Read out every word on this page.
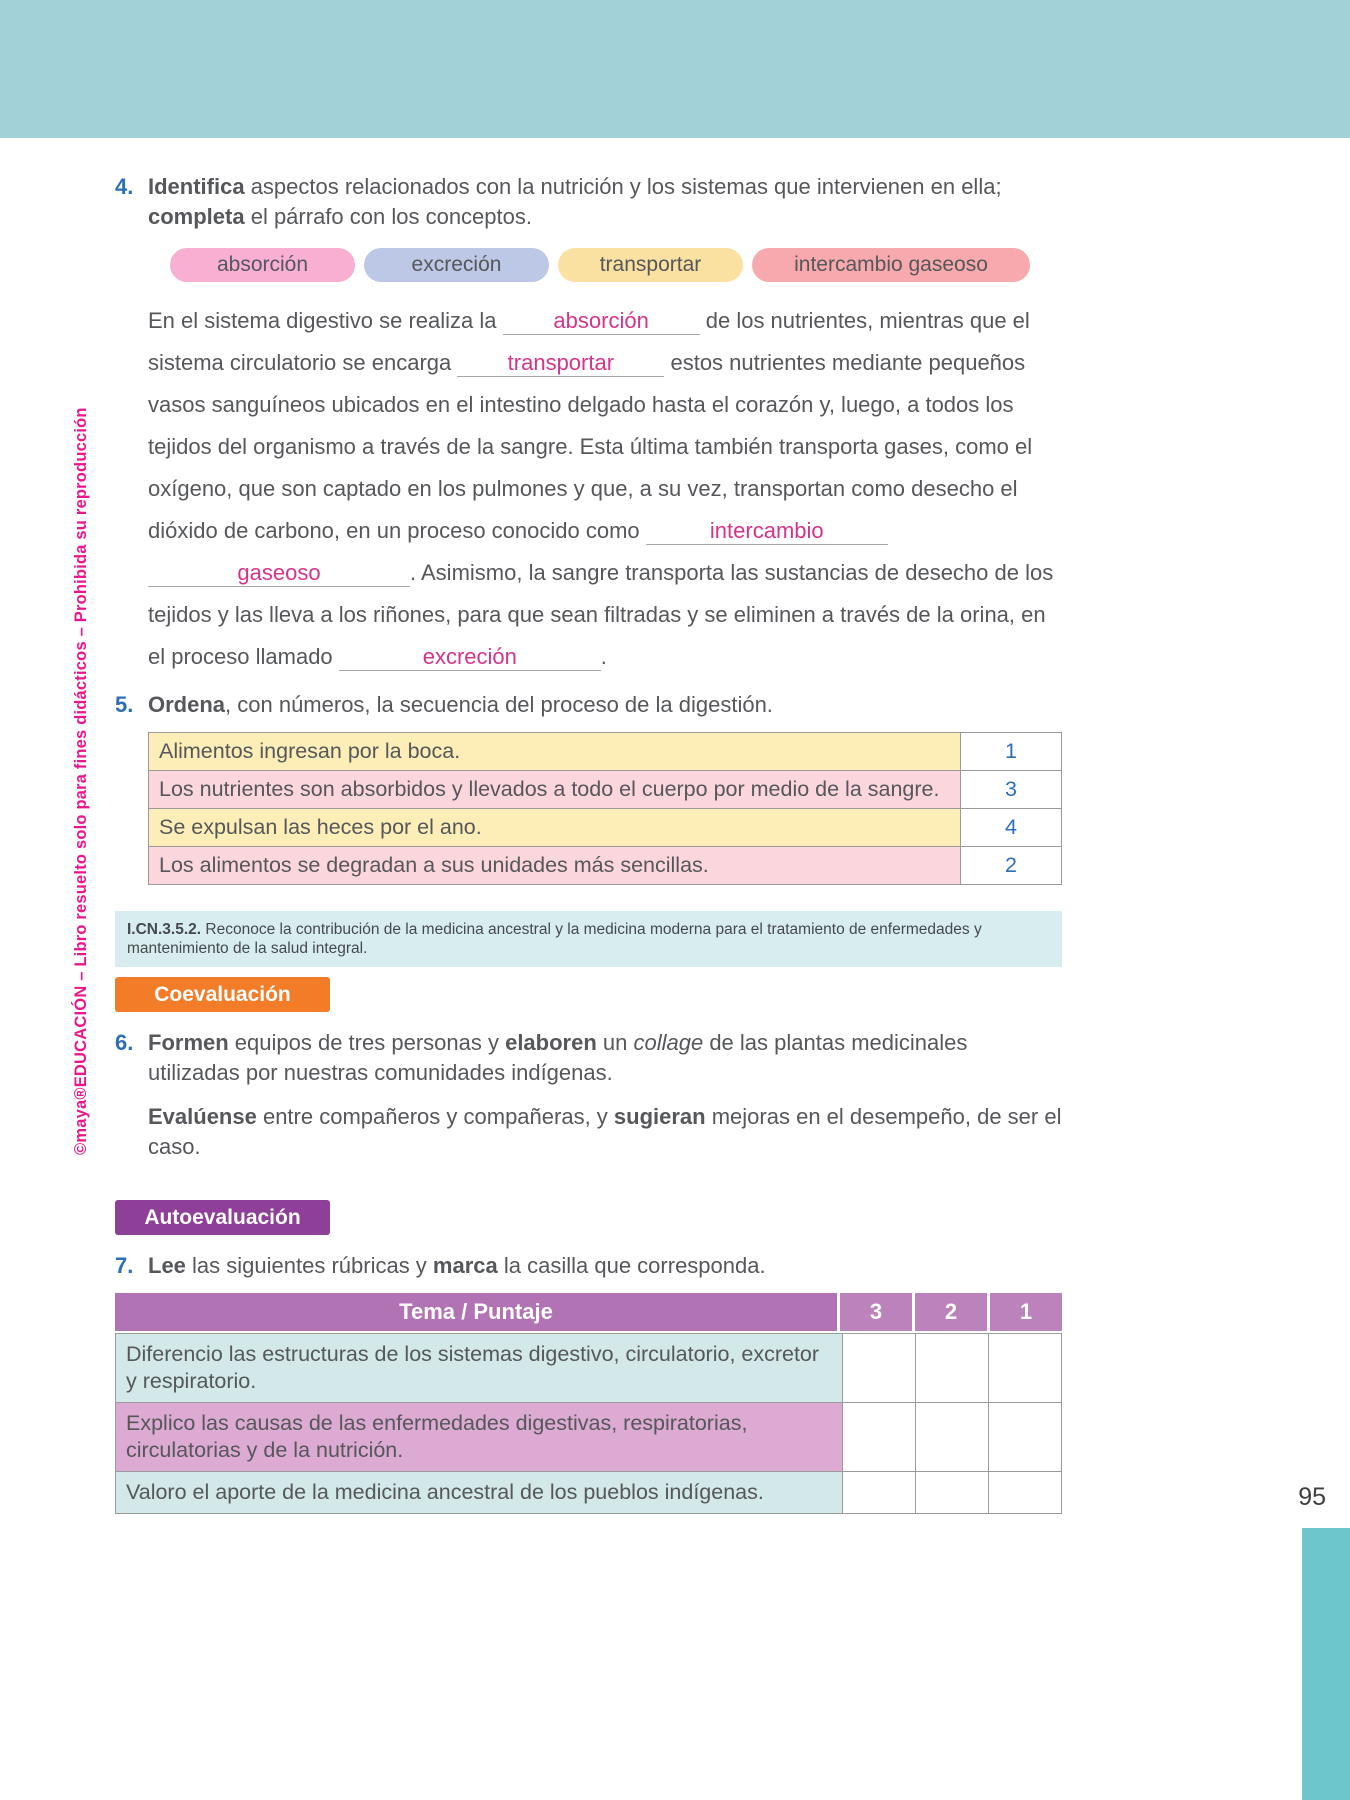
©maya®EDUCACIÓN – Libro resuelto solo para fines didácticos – Prohibida su reproducción
4. Identifica aspectos relacionados con la nutrición y los sistemas que intervienen en ella; completa el párrafo con los conceptos.
absorción	excreción	transportar	intercambio gaseoso
En el sistema digestivo se realiza la absorción de los nutrientes, mientras que el sistema circulatorio se encarga transportar estos nutrientes mediante pequeños vasos sanguíneos ubicados en el intestino delgado hasta el corazón y, luego, a todos los tejidos del organismo a través de la sangre. Esta última también transporta gases, como el oxígeno, que son captado en los pulmones y que, a su vez, transportan como desecho el dióxido de carbono, en un proceso conocido como	intercambio gaseoso	. Asimismo, la sangre transporta las sustancias de desecho de los tejidos y las lleva a los riñones, para que sean filtradas y se eliminen a través de la orina, en el proceso llamado	excreción	.
5. Ordena, con números, la secuencia del proceso de la digestión.
Alimentos ingresan por la boca.	1
Los nutrientes son absorbidos y llevados a todo el cuerpo por medio de la sangre.	3
Se expulsan las heces por el ano.	4
Los alimentos se degradan a sus unidades más sencillas.	2
I.CN.3.5.2. Reconoce la contribución de la medicina ancestral y la medicina moderna para el tratamiento de enfermedades y mantenimiento de la salud integral.
Coevaluación
6. Formen equipos de tres personas y elaboren un collage de las plantas medicinales utilizadas por nuestras comunidades indígenas.
Evalúense entre compañeros y compañeras, y sugieran mejoras en el desempeño, de ser el caso.
Autoevaluación
7. Lee las siguientes rúbricas y marca la casilla que corresponda.
Tema / Puntaje	3	2	1
Diferencio las estructuras de los sistemas digestivo, circulatorio, excretor y respiratorio.
Explico las causas de las enfermedades digestivas, respiratorias, circulatorias y de la nutrición.
Valoro el aporte de la medicina ancestral de los pueblos indígenas.	95
